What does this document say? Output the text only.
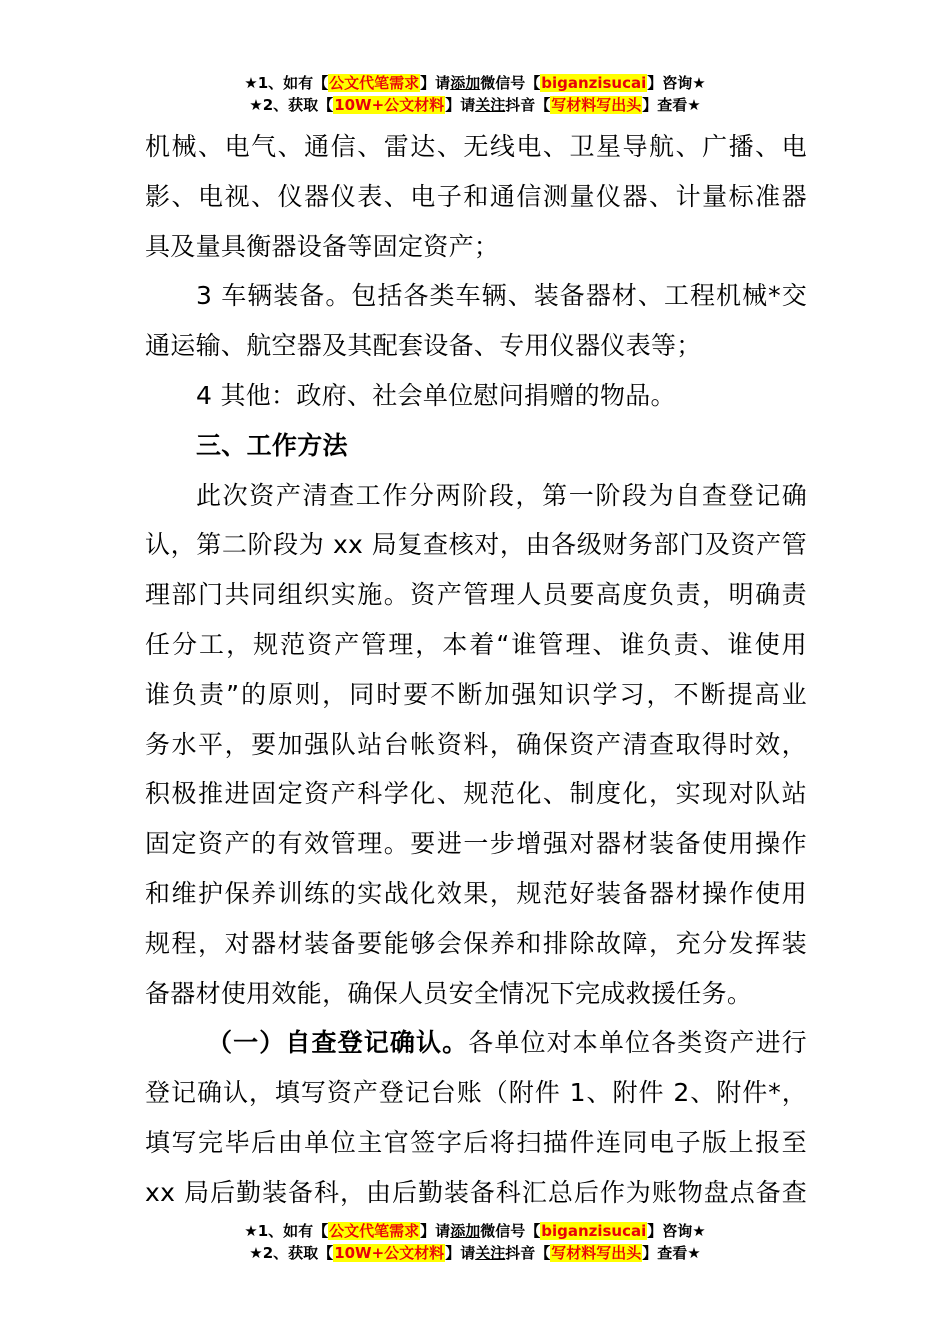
★1、如有【公文代笔需求】请添加微信号【biganzisucai】咨询★
★2、获取【10W+公文材料】请关注抖音【写材料写出头】查看★
机械、电气、通信、雷达、无线电、卫星导航、广播、电
影、电视、仪器仪表、电子和通信测量仪器、计量标准器
具及量具衡器设备等固定资产；
3 车辆装备。包括各类车辆、装备器材、工程机械*交
通运输、航空器及其配套设备、专用仪器仪表等；
4 其他：政府、社会单位慰问捐赠的物品。
三、工作方法
此次资产清查工作分两阶段，第一阶段为自查登记确
认，第二阶段为 xx 局复查核对，由各级财务部门及资产管
理部门共同组织实施。资产管理人员要高度负责，明确责
任分工，规范资产管理，本着“谁管理、谁负责、谁使用
谁负责”的原则，同时要不断加强知识学习，不断提高业
务水平，要加强队站台帐资料，确保资产清查取得时效，
积极推进固定资产科学化、规范化、制度化，实现对队站
固定资产的有效管理。要进一步增强对器材装备使用操作
和维护保养训练的实战化效果，规范好装备器材操作使用
规程，对器材装备要能够会保养和排除故障，充分发挥装
备器材使用效能，确保人员安全情况下完成救援任务。
（一）自查登记确认。各单位对本单位各类资产进行
登记确认，填写资产登记台账（附件 1、附件 2、附件*，
填写完毕后由单位主官签字后将扫描件连同电子版上报至
xx 局后勤装备科，由后勤装备科汇总后作为账物盘点备查
★1、如有【公文代笔需求】请添加微信号【biganzisucai】咨询★
★2、获取【10W+公文材料】请关注抖音【写材料写出头】查看★
